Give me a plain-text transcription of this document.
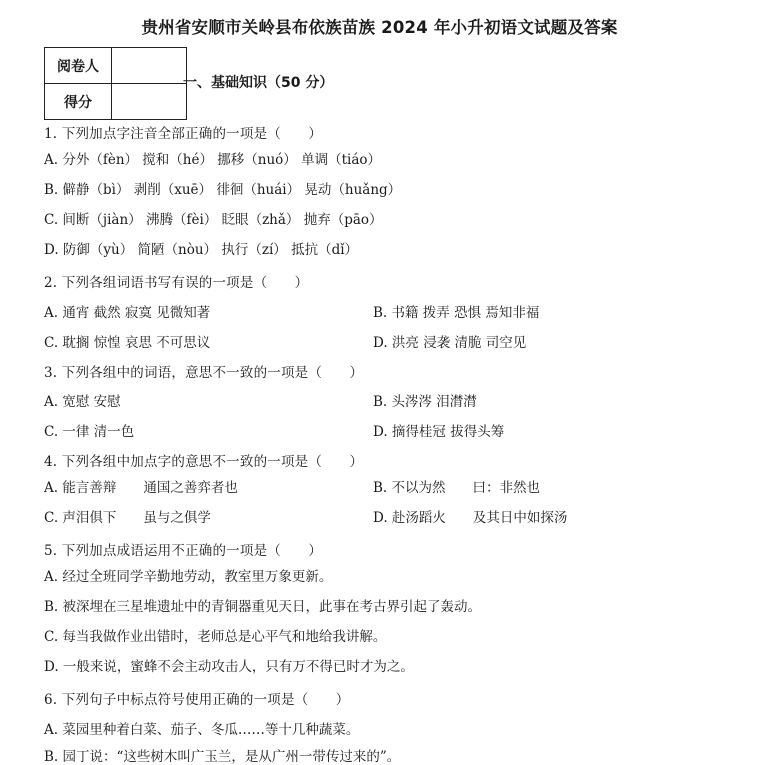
贵州省安顺市关岭县布依族苗族 2024 年小升初语文试题及答案
阅卷人	
得分	
一、基础知识（50 分）
1. 下列加点字注音全部正确的一项是（　　）
A. 分外（fèn） 搅和（hé） 挪移（nuó） 单调（tiáo）
B. 僻静（bì） 剥削（xuē） 徘徊（huái） 晃动（huǎng）
C. 间断（jiàn） 沸腾（fèi） 眨眼（zhǎ） 抛弃（pāo）
D. 防御（yù） 简陋（nòu） 执行（zí） 抵抗（dǐ）
2. 下列各组词语书写有误的一项是（　　）
A. 通宵 截然 寂寞 见微知著	B. 书籍 拨弄 恐惧 焉知非福
C. 耽搁 惊惶 哀思 不可思议	D. 洪亮 浸袭 清脆 司空见
3. 下列各组中的词语，意思不一致的一项是（　　）
A. 宽慰 安慰	B. 头涔涔 泪潸潸
C. 一律 清一色	D. 摘得桂冠 拔得头筹
4. 下列各组中加点字的意思不一致的一项是（　　）
A. 能言善辩　　通国之善弈者也	B. 不以为然　　曰：非然也
C. 声泪俱下　　虽与之俱学	D. 赴汤蹈火　　及其日中如探汤
5. 下列加点成语运用不正确的一项是（　　）
A. 经过全班同学辛勤地劳动，教室里万象更新。
B. 被深埋在三星堆遗址中的青铜器重见天日，此事在考古界引起了轰动。
C. 每当我做作业出错时，老师总是心平气和地给我讲解。
D. 一般来说，蜜蜂不会主动攻击人，只有万不得已时才为之。
6. 下列句子中标点符号使用正确的一项是（　　）
A. 菜园里种着白菜、茄子、冬瓜……等十几种蔬菜。
B. 园丁说：“这些树木叫广玉兰，是从广州一带传过来的”。
